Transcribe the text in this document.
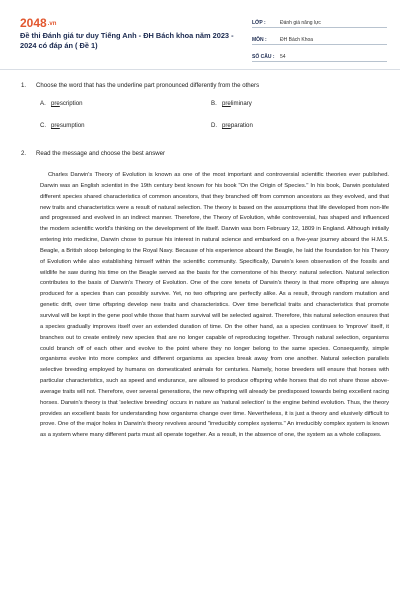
2048.vn
Đề thi Đánh giá tư duy Tiếng Anh - ĐH Bách khoa năm 2023 - 2024 có đáp án ( Đề 1)
LỚP :	Đánh giá năng lực
MÔN :	ĐH Bách Khoa
SỐ CÂU :	54
1. Choose the word that has the underline part pronounced differently from the others
A. prescription	B. preliminary
C. presumption	D. preparation
2. Read the message and choose the best answer
Charles Darwin's Theory of Evolution is known as one of the most important and controversial scientific theories ever published. Darwin was an English scientist in the 19th century best known for his book "On the Origin of Species." In his book, Darwin postulated different species shared characteristics of common ancestors, that they branched off from common ancestors as they evolved, and that new traits and characteristics were a result of natural selection. The theory is based on the assumptions that life developed from non-life and progressed and evolved in an indirect manner. Therefore, the Theory of Evolution, while controversial, has shaped and influenced the modern scientific world's thinking on the development of life itself. Darwin was born February 12, 1809 in England. Although initially entering into medicine, Darwin chose to pursue his interest in natural science and embarked on a five-year journey aboard the H.M.S. Beagle, a British sloop belonging to the Royal Navy. Because of his experience aboard the Beagle, he laid the foundation for his Theory of Evolution while also establishing himself within the scientific community. Specifically, Darwin's keen observation of the fossils and wildlife he saw during his time on the Beagle served as the basis for the cornerstone of his theory: natural selection. Natural selection contributes to the basis of Darwin's Theory of Evolution. One of the core tenets of Darwin's theory is that more offspring are always produced for a species than can possibly survive. Yet, no two offspring are perfectly alike. As a result, through random mutation and genetic drift, over time offspring develop new traits and characteristics. Over time beneficial traits and characteristics that promote survival will be kept in the gene pool while those that harm survival will be selected against. Therefore, this natural selection ensures that a species gradually improves itself over an extended duration of time. On the other hand, as a species continues to 'improve' itself, it branches out to create entirely new species that are no longer capable of reproducing together. Through natural selection, organisms could branch off of each other and evolve to the point where they no longer belong to the same species. Consequently, simple organisms evolve into more complex and different organisms as species break away from one another. Natural selection parallels selective breeding employed by humans on domesticated animals for centuries. Namely, horse breeders will ensure that horses with particular characteristics, such as speed and endurance, are allowed to produce offspring while horses that do not share those above-average traits will not. Therefore, over several generations, the new offspring will already be predisposed towards being excellent racing horses. Darwin's theory is that 'selective breeding' occurs in nature as 'natural selection' is the engine behind evolution. Thus, the theory provides an excellent basis for understanding how organisms change over time. Nevertheless, it is just a theory and elusively difficult to prove. One of the major holes in Darwin's theory revolves around "irreducibly complex systems." An irreducibly complex system is known as a system where many different parts must all operate together. As a result, in the absence of one, the system as a whole collapses.
